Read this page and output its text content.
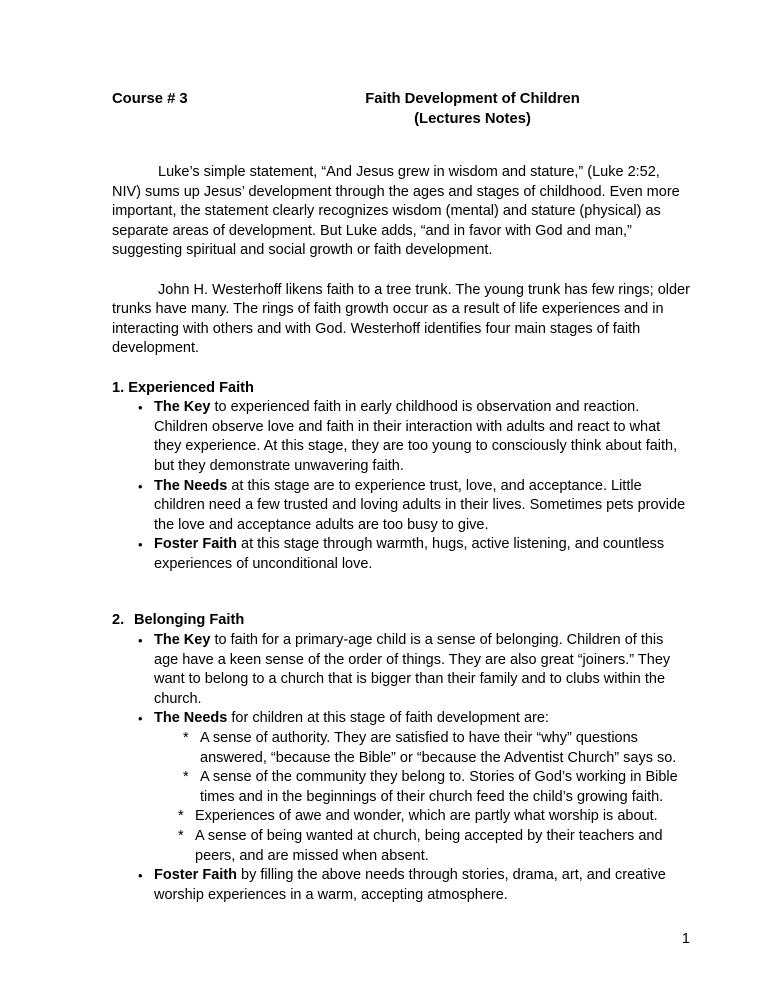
Course # 3	Faith Development of Children
(Lectures Notes)

Luke’s simple statement, “And Jesus grew in wisdom and stature,” (Luke 2:52, NIV) sums up Jesus’ development through the ages and stages of childhood. Even more important, the statement clearly recognizes wisdom (mental) and stature (physical) as separate areas of development. But Luke adds, “and in favor with God and man,” suggesting spiritual and social growth or faith development.

John H. Westerhoff likens faith to a tree trunk. The young trunk has few rings; older trunks have many. The rings of faith growth occur as a result of life experiences and in interacting with others and with God. Westerhoff identifies four main stages of faith development.

1.
Experienced Faith
• The Key to experienced faith in early childhood is observation and reaction. Children observe love and faith in their interaction with adults and react to what they experience. At this stage, they are too young to consciously think about faith, but they demonstrate unwavering faith.
• The Needs at this stage are to experience trust, love, and acceptance. Little children need a few trusted and loving adults in their lives. Sometimes pets provide the love and acceptance adults are too busy to give.
• Foster Faith at this stage through warmth, hugs, active listening, and countless experiences of unconditional love.
2. Belonging Faith
• The Key to faith for a primary-age child is a sense of belonging. Children of this age have a keen sense of the order of things. They are also great “joiners.” They want to belong to a church that is bigger than their family and to clubs within the church.
• The Needs for children at this stage of faith development are:
* A sense of authority. They are satisfied to have their “why” questions answered, “because the Bible” or “because the Adventist Church” says so.
* A sense of the community they belong to. Stories of God’s working in Bible times and in the beginnings of their church feed the child’s growing faith.
* Experiences of awe and wonder, which are partly what worship is about.
* A sense of being wanted at church, being accepted by their teachers and peers, and are missed when absent.
• Foster Faith by filling the above needs through stories, drama, art, and creative worship experiences in a warm, accepting atmosphere.
1
